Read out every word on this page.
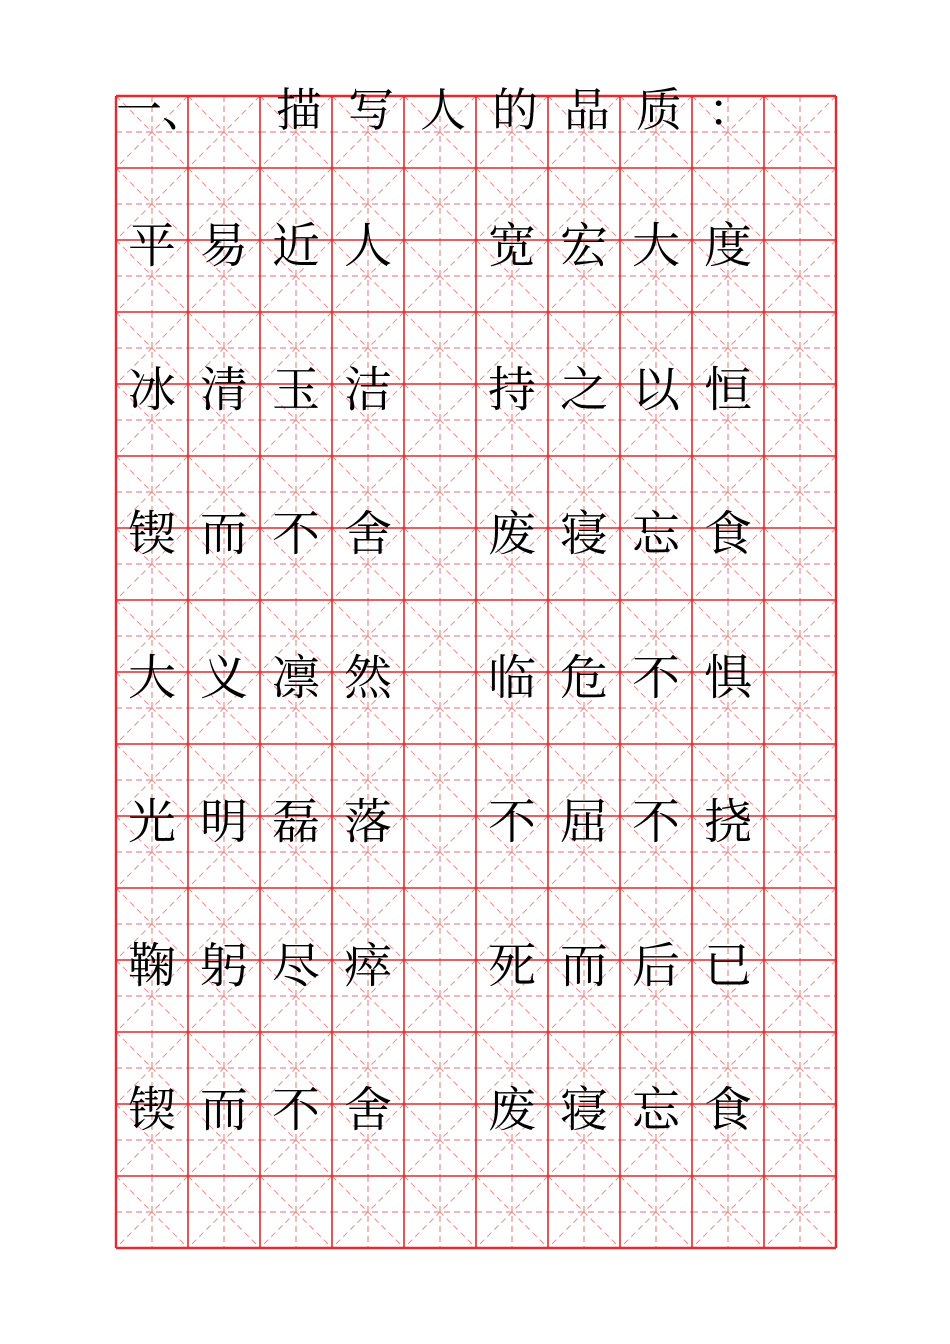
一、 描 写 人 的 品 质 ：
平 易 近 人 宽 宏 大 度
冰 清 玉 洁 持 之 以 恒
锲 而 不 舍 废 寝 忘 食
大 义 凛 然 临 危 不 惧
光 明 磊 落 不 屈 不 挠
鞠 躬 尽 瘁 死 而 后 已
锲 而 不 舍 废 寝 忘 食
